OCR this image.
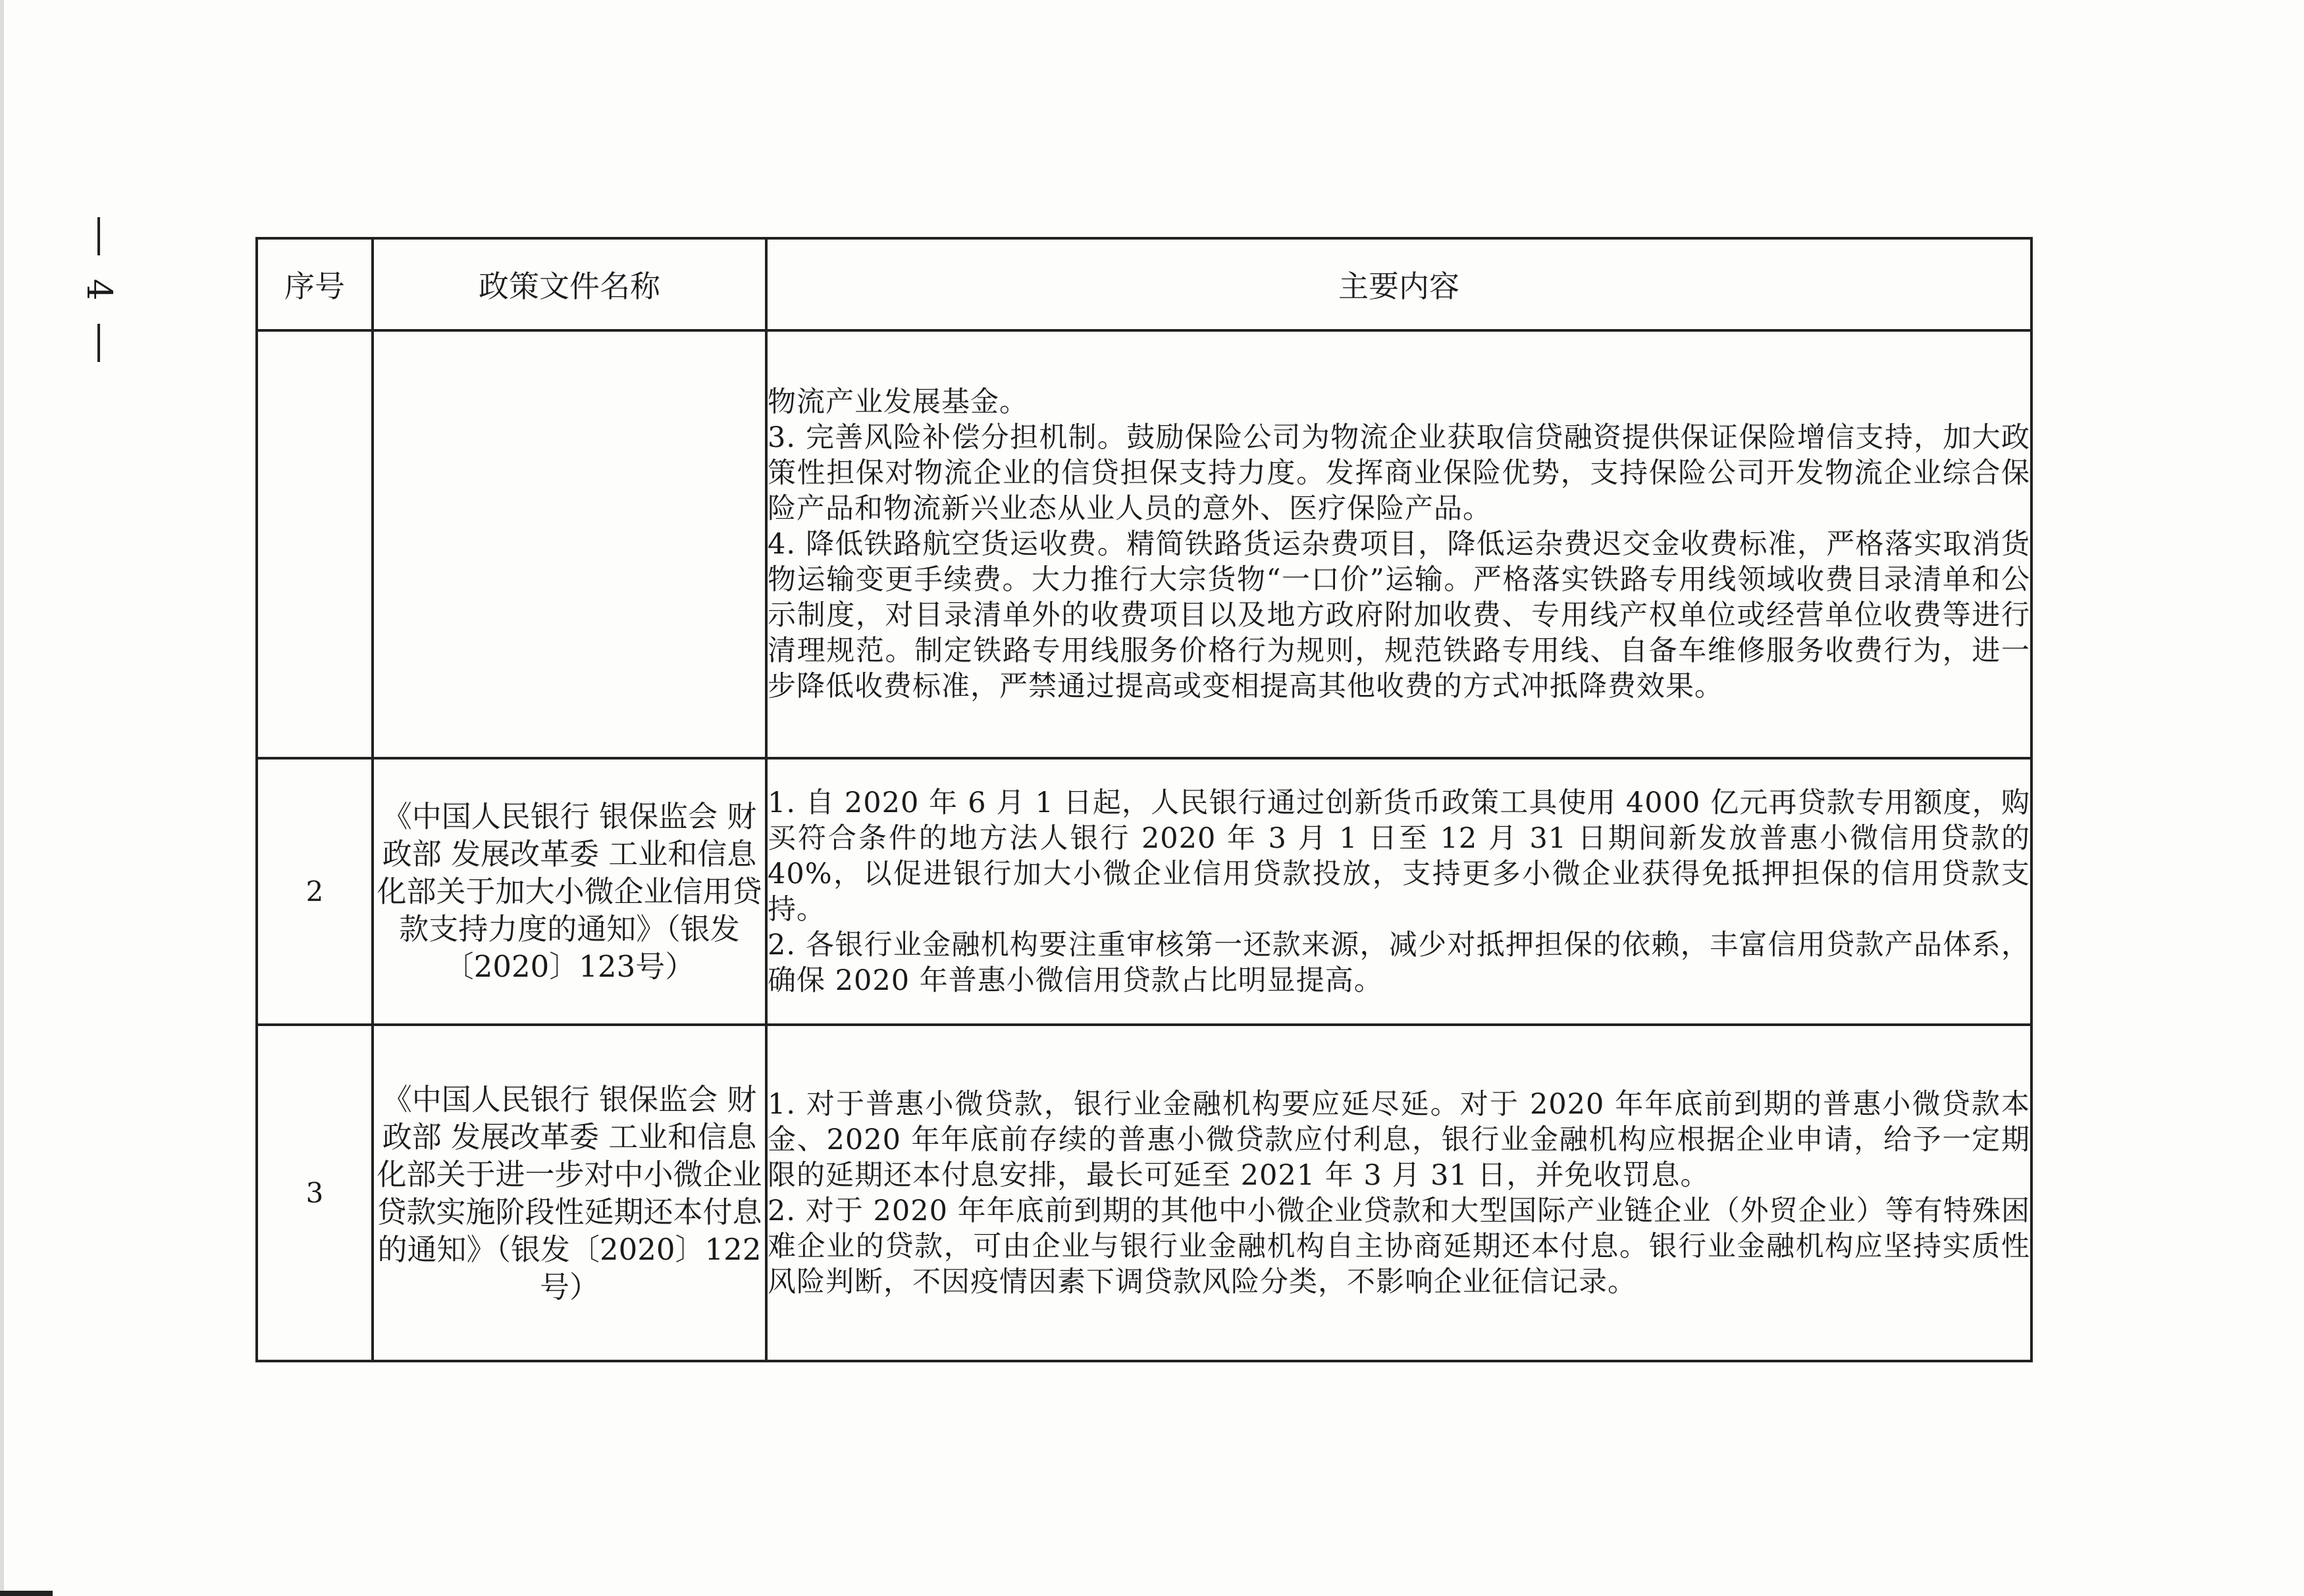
4	序号	政策文件名称	主要内容

		物流产业发展基金。

3. 完善风险补偿分担机制。鼓励保险公司为物流企业获取信贷融资提供保证保险增信支持，加大政策性担保对物流企业的信贷担保支持力度。发挥商业保险优势，支持保险公司开发物流企业综合保险产品和物流新兴业态从业人员的意外、医疗保险产品。

4. 降低铁路航空货运收费。精简铁路货运杂费项目，降低运杂费迟交金收费标准，严格落实取消货物运输变更手续费。大力推行大宗货物“一口价”运输。严格落实铁路专用线领域收费目录清单和公示制度，对目录清单外的收费项目以及地方政府附加收费、专用线产权单位或经营单位收费等进行清理规范。制定铁路专用线服务价格行为规则，规范铁路专用线、自备车维修服务收费行为，进一步降低收费标准，严禁通过提高或变相提高其他收费的方式冲抵降费效果。

2	《中国人民银行 银保监会 财政部 发展改革委 工业和信息化部关于加大小微企业信用贷款支持力度的通知》（银发〔2020〕123号）	1. 自 2020 年 6 月 1 日起，人民银行通过创新货币政策工具使用 4000 亿元再贷款专用额度，购买符合条件的地方法人银行 2020 年 3 月 1 日至 12 月 31 日期间新发放普惠小微信用贷款的 40%，以促进银行加大小微企业信用贷款投放，支持更多小微企业获得免抵押担保的信用贷款支持。

2. 各银行业金融机构要注重审核第一还款来源，减少对抵押担保的依赖，丰富信用贷款产品体系，确保 2020 年普惠小微信用贷款占比明显提高。

3	《中国人民银行 银保监会 财政部 发展改革委 工业和信息化部关于进一步对中小微企业贷款实施阶段性延期还本付息的通知》（银发〔2020〕122号）	1. 对于普惠小微贷款，银行业金融机构要应延尽延。对于 2020 年年底前到期的普惠小微贷款本金、2020 年年底前存续的普惠小微贷款应付利息，银行业金融机构应根据企业申请，给予一定期限的延期还本付息安排，最长可延至 2021 年 3 月 31 日，并免收罚息。

2. 对于 2020 年年底前到期的其他中小微企业贷款和大型国际产业链企业（外贸企业）等有特殊困难企业的贷款，可由企业与银行业金融机构自主协商延期还本付息。银行业金融机构应坚持实质性风险判断，不因疫情因素下调贷款风险分类，不影响企业征信记录。
